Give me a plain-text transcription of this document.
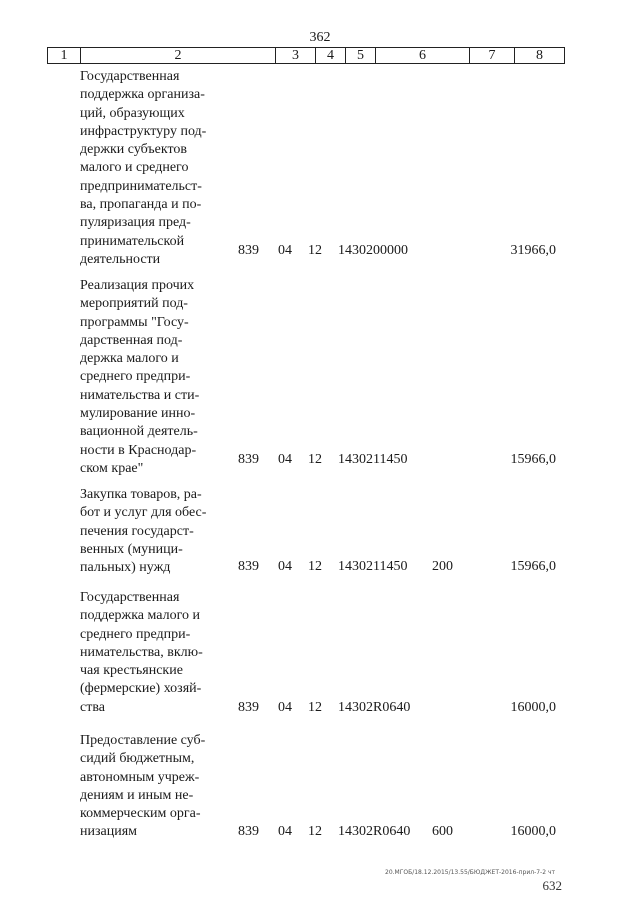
362
1	2	3	4	5	6	7	8
Государственная
поддержка организа-
ций, образующих
инфраструктуру под-
держки субъектов
малого и среднего
предпринимательст-
ва, пропаганда и по-
пуляризация пред-
принимательской
деятельности
839 04 12 1430200000	31966,0
Реализация прочих
мероприятий под-
программы "Госу-
дарственная под-
держка малого и
среднего предпри-
нимательства и сти-
мулирование инно-
вационной деятель-
ности в Краснодар-
ском крае"
839 04 12 1430211450	15966,0
Закупка товаров, ра-
бот и услуг для обес-
печения государст-
венных (муници-
пальных) нужд	839 04 12 1430211450 200	15966,0
Государственная
поддержка малого и
среднего предпри-
нимательства, вклю-
чая крестьянские
(фермерские) хозяй-
ства	839 04 12 14302R0640	16000,0
Предоставление суб-
сидий бюджетным,
автономным учреж-
дениям и иным не-
коммерческим орга-
низациям	839 04 12 14302R0640 600	16000,0
20.МГОБ/18.12.2015/13.55/БЮДЖЕТ-2016-прил-7-2 чт
632
